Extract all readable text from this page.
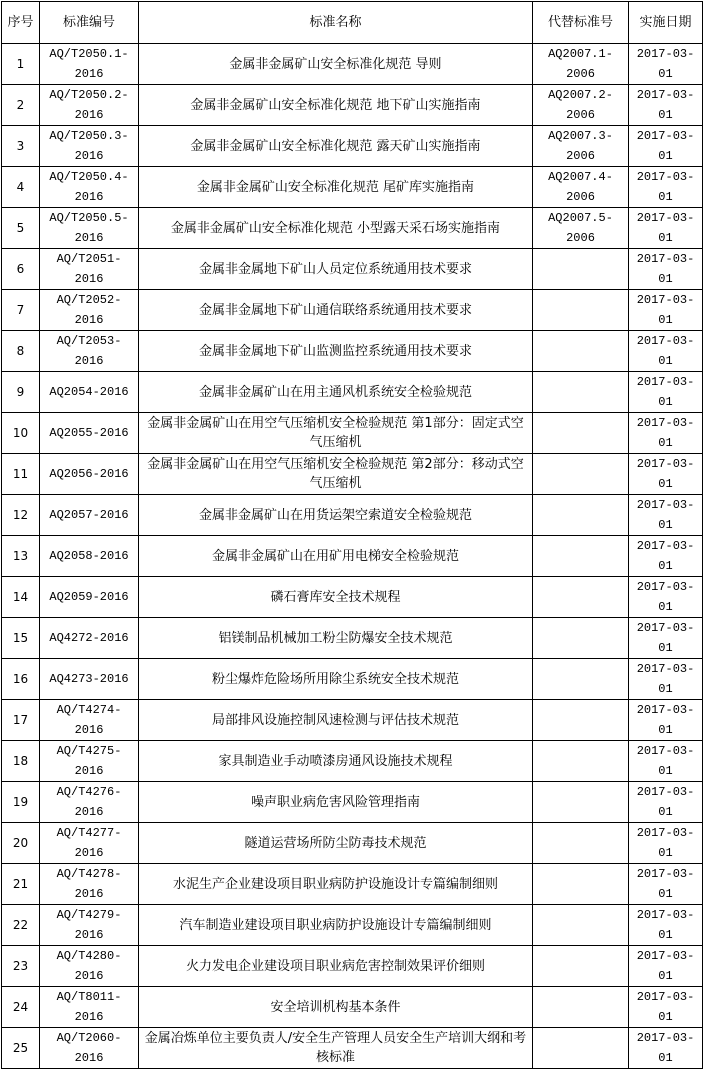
序号	标准编号	标准名称	代替标准号	实施日期
1	AQ/T2050.1-2016	金属非金属矿山安全标准化规范 导则	AQ2007.1-2006	2017-03-01
2	AQ/T2050.2-2016	金属非金属矿山安全标准化规范 地下矿山实施指南	AQ2007.2-2006	2017-03-01
3	AQ/T2050.3-2016	金属非金属矿山安全标准化规范 露天矿山实施指南	AQ2007.3-2006	2017-03-01
4	AQ/T2050.4-2016	金属非金属矿山安全标准化规范 尾矿库实施指南	AQ2007.4-2006	2017-03-01
5	AQ/T2050.5-2016	金属非金属矿山安全标准化规范 小型露天采石场实施指南	AQ2007.5-2006	2017-03-01
6	AQ/T2051-2016	金属非金属地下矿山人员定位系统通用技术要求		2017-03-01
7	AQ/T2052-2016	金属非金属地下矿山通信联络系统通用技术要求		2017-03-01
8	AQ/T2053-2016	金属非金属地下矿山监测监控系统通用技术要求		2017-03-01
9	AQ2054-2016	金属非金属矿山在用主通风机系统安全检验规范		2017-03-01
10	AQ2055-2016	金属非金属矿山在用空气压缩机安全检验规范 第1部分：固定式空气压缩机		2017-03-01
11	AQ2056-2016	金属非金属矿山在用空气压缩机安全检验规范 第2部分：移动式空气压缩机		2017-03-01
12	AQ2057-2016	金属非金属矿山在用货运架空索道安全检验规范		2017-03-01
13	AQ2058-2016	金属非金属矿山在用矿用电梯安全检验规范		2017-03-01
14	AQ2059-2016	磷石膏库安全技术规程		2017-03-01
15	AQ4272-2016	铝镁制品机械加工粉尘防爆安全技术规范		2017-03-01
16	AQ4273-2016	粉尘爆炸危险场所用除尘系统安全技术规范		2017-03-01
17	AQ/T4274-2016	局部排风设施控制风速检测与评估技术规范		2017-03-01
18	AQ/T4275-2016	家具制造业手动喷漆房通风设施技术规程		2017-03-01
19	AQ/T4276-2016	噪声职业病危害风险管理指南		2017-03-01
20	AQ/T4277-2016	隧道运营场所防尘防毒技术规范		2017-03-01
21	AQ/T4278-2016	水泥生产企业建设项目职业病防护设施设计专篇编制细则		2017-03-01
22	AQ/T4279-2016	汽车制造业建设项目职业病防护设施设计专篇编制细则		2017-03-01
23	AQ/T4280-2016	火力发电企业建设项目职业病危害控制效果评价细则		2017-03-01
24	AQ/T8011-2016	安全培训机构基本条件		2017-03-01
25	AQ/T2060-2016	金属冶炼单位主要负责人/安全生产管理人员安全生产培训大纲和考核标准		2017-03-01
